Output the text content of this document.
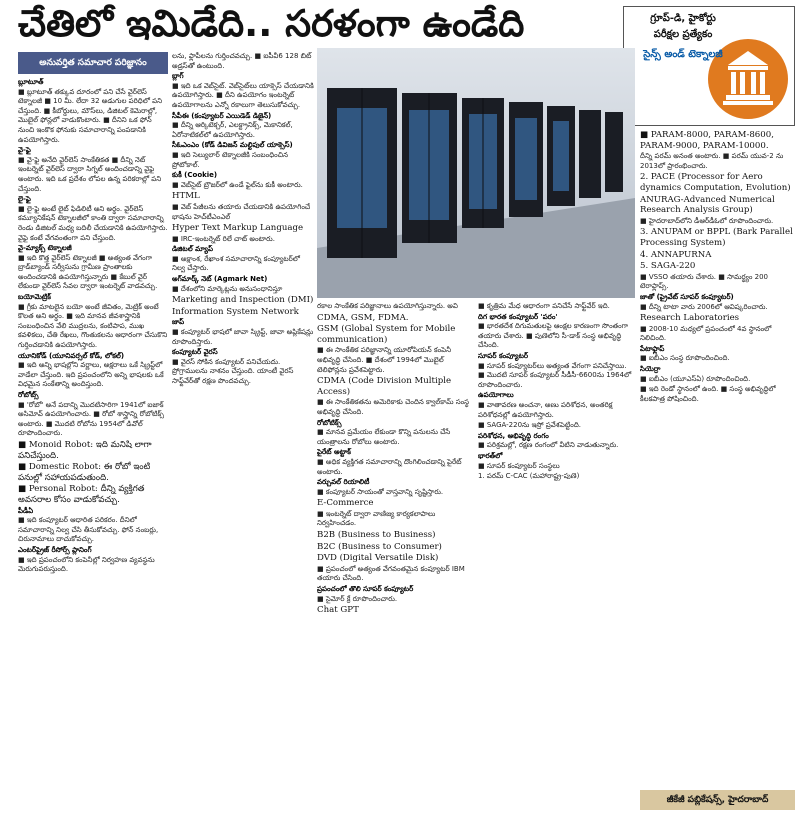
చేతిలో ఇమిడేది.. సరళంగా ఉండేది	గ్రూప్‌-డి, హైకోర్టు
పరీక్షల ప్రత్యేకం
సైన్స్‌ అండ్‌ టెక్నాలజీ
అనువర్తిత సమాచార పరిజ్ఞానం

బ్లూటూత్‌
■ బ్లూటూత్‌ తక్కువ దూరంలో పని చేసే వైర్‌లెస్‌ టెక్నాలజీ ■ 10 మీ. లేదా 32 అడుగుల పరిధిలో పని చేస్తుంది. ■ కీబోర్డులు, మౌస్‌లు, డిజిటల్‌ కెమెరాల్లో, మొబైల్‌ ఫోన్లలో వాడుకొంటారు. ■ దీనిని ఒక ఫోన్‌ నుంచి ఇంకొక ఫోనుకు సమాచారాన్ని పంపడానికి ఉపయోగిస్తారు.

వై-ఫై
■ వై-ఫై అనేది వైర్‌లెస్‌ సాంకేతికత ■ దీన్ని నెట్‌ ఇంటర్నెట్‌ వైర్‌లెస్‌ ద్వారా సిగ్నల్‌ అందించడాన్ని వైఫై అంటారు. ఇది ఒక ప్రదేశం లోపల ఉన్న పరికరాల్లో పని చేస్తుంది.

లై-ఫై
■ లై-ఫై అంటే లైట్‌ ఫిడిలిటీ అని అర్థం. వైర్‌లెస్‌ కమ్యూనికేషన్‌ టెక్నాలజీలో కాంతి ద్వారా సమాచారాన్ని రెండు డిజిటల్‌ మధ్య బదిలీ చేయడానికి ఉపయోగిస్తారు. వైఫై కంటే వేగవంతంగా పని చేస్తుంది.

వై-మ్యాక్స్‌ టెక్నాలజీ
■ ఇది కొత్త వైర్‌లెస్‌ టెక్నాలజీ ■ అత్యంత వేగంగా బ్రాడ్‌బ్యాండ్‌ సర్వీసును గ్రామీణ ప్రాంతాలకు అందించడానికి ఉపయోగిస్తున్నారు ■ కేబుల్‌ వైర్‌ లేకుండా వైర్‌లెస్‌ సేవల ద్వారా ఇంటర్నెట్‌ వాడవచ్చు.

బయోమెట్రిక్‌
■ గ్రీకు మాటలైన బయో అంటే జీవితం, మెట్రిక్‌ అంటే కొలత అని అర్థం. ■ ఇది మానవ జీవశాస్త్రానికి సంబంధించిన వేలి ముద్రలను, కంటిపాప, ముఖ కవళికలు, చేతి రేఖలు, గొంతుకలను ఆధారంగా చేసుకొని గుర్తించడానికి ఉపయోగిస్తారు.

యూనికోడ్‌ (యూనివర్సల్‌ కోడ్‌, లోకల్‌)
■ ఇది అన్ని భాషల్లోని వర్ణాలు, అక్షరాలు ఒకే స్క్రిప్ట్‌లో వాడేలా చేస్తుంది. ఇది ప్రపంచంలోని అన్ని భాషలకు ఒకే విధమైన సంకేతాన్ని అందిస్తుంది.

రోబోట్స్‌
■ 'రోబో' అనే పదాన్ని మొదటిసారిగా 1941లో ఐజాక్‌ అసిమోవ్‌ ఉపయోగించారు. ■ రోబో శాస్త్రాన్ని రోబోటిక్స్‌ అంటారు. ■ మొదటి రోబోను 1954లో డివోల్‌ రూపొందించారు.

■ Monoid Robot: ఇది మనిషి లాగా పనిచేస్తుంది.

■ Domestic Robot: ఈ రోబో ఇంటి పనుల్లో సహాయపడుతుంది.

■ Personal Robot: దీన్ని వ్యక్తిగత అవసరాల కోసం వాడుకోవచ్చు.

పీడీఏ
■ ఇది కంప్యూటర్‌ ఆధారిత పరికరం. దీనిలో సమాచారాన్ని నిల్వ చేసి తీసుకోవచ్చు. ఫోన్‌ నంబర్లు, చిరునామాలు దాచుకోవచ్చు.

ఎంటర్‌ప్రైజ్‌ రీసోర్స్‌ ప్లానింగ్‌
■ ఇది ప్రపంచంలోని కంపెనీల్లో నిర్వహణ వ్యవస్థను మెరుగుపరుస్తుంది.

లను, ఫ్లాపీలను గుర్తించవచ్చు. ■ ఐపీవీ6 128 బిట్‌ అడ్రస్‌తో ఉంటుంది.

బ్లాగ్‌
■ ఇది ఒక వెబ్‌సైట్‌. వెబ్‌సైట్‌లు యాక్సెస్‌ చేయడానికి ఉపయోగిస్తారు. ■ దీని ఉపయోగం ఇంటర్నెట్‌ ఉపయోగాలను ఎన్నో రకాలుగా తెలుసుకోవచ్చు.

సీపీఈ (కంప్యూటర్‌ ఎయిడెడ్‌ డిజైన్‌)
■ దీన్ని ఆర్కిటెక్చర్‌, ఎలక్ట్రానిక్స్‌, మెకానికల్‌, ఏరోనాటికల్‌లో ఉపయోగిస్తారు.

సీఓఎంఎం (కోడ్‌ డివిజన్‌ మల్టిపుల్‌ యాక్సెస్‌)
■ ఇది సెల్యులార్‌ టెక్నాలజీకి సంబంధించిన ప్రోటోకాల్‌.

కుకీ (Cookie)
■ వెబ్‌సైట్‌ బ్రౌజర్‌లో ఉండే ఫైల్‌ను కుకీ అంటారు.

HTML

■ వెబ్‌ పేజీలను తయారు చేయడానికి ఉపయోగించే భాషను హెచ్‌టీఎంఎల్‌

Hyper Text Markup Language

■ IRC-ఇంటర్నెట్‌ రిలే చాట్‌ అంటారు.

డిజిటల్‌ మ్యాప్‌
■ అక్షాంశ, రేఖాంశ సమాచారాన్ని కంప్యూటర్‌లో నిల్వ చేస్తారు.

అగ్‌మార్క్‌ నెట్‌ (Agmark Net)
■ దేశంలోని మార్కెట్లను అనుసంధానిస్తూ

Marketing and Inspection (DMI)

Information System Network

జాప్‌
■ కంప్యూటర్‌ భాషలో జావా స్క్రిప్ట్‌, జావా అప్లికేషన్లు రూపొందిస్తారు.

కంప్యూటర్‌ వైరస్‌
■ వైరస్‌ సోకిన కంప్యూటర్‌ పనిచేయదు. ప్రోగ్రాములను నాశనం చేస్తుంది. యాంటీ వైరస్‌ సాఫ్ట్‌వేర్‌తో రక్షణ పొందవచ్చు.

రకాల సాంకేతిక పరిజ్ఞానాలు ఉపయోగిస్తున్నారు. అవి

CDMA, GSM, FDMA.

GSM (Global System for Mobile communication)

■ ఈ సాంకేతిక పరిజ్ఞానాన్ని యూరోపియన్‌ కంపెనీ అభివృద్ధి చేసింది. ■ దేశంలో 1994లో మొబైల్‌ టెలిఫోన్లను ప్రవేశపెట్టారు.

CDMA (Code Division Multiple Access)

■ ఈ సాంకేతికతను అమెరికాకు చెందిన క్వాల్‌కామ్‌ సంస్థ అభివృద్ధి చేసింది.

రోబోటిక్స్‌
■ మానవ ప్రమేయం లేకుండా కొన్ని పనులను చేసే యంత్రాలను రోబోలు అంటారు.

పైరేట్‌ అట్టాక్‌
■ అధిక వ్యక్తిగత సమాచారాన్ని దొంగిలించడాన్ని పైరేట్‌ అంటారు.

వర్చువల్‌ రియాలిటీ
■ కంప్యూటర్‌ సాయంతో వాస్తవాన్ని సృష్టిస్తారు.

E-Commerce

■ ఇంటర్నెట్‌ ద్వారా వాణిజ్య కార్యకలాపాలు నిర్వహించడం.

B2B (Business to Business)

B2C (Business to Consumer)

DVD (Digital Versatile Disk)

■ ప్రపంచంలో అత్యంత వేగవంతమైన కంప్యూటర్‌ IBM తయారు చేసింది.

ప్రపంచంలో తొలి సూపర్‌ కంప్యూటర్‌
■ సైమోర్‌ క్రే రూపొందించారు.

Chat GPT

■ కృత్రిమ మేధ ఆధారంగా పనిచేసే సాఫ్ట్‌వేర్‌ ఇది.

దిగ భారత కంప్యూటర్‌ 'పరం'
■ భారతదేశ దిగుమతులపై ఆంక్షల కారణంగా సొంతంగా తయారు చేశారు. ■ పుణెలోని సీ-డాక్‌ సంస్థ అభివృద్ధి చేసింది.

సూపర్‌ కంప్యూటర్‌
■ సూపర్‌ కంప్యూటర్‌లు అత్యంత వేగంగా పనిచేస్తాయి. ■ మొదటి సూపర్‌ కంప్యూటర్‌ సీడీసీ-6600ను 1964లో రూపొందించారు.

ఉపయోగాలు
■ వాతావరణ అంచనా, అణు పరిశోధన, అంతరిక్ష పరిశోధనల్లో ఉపయోగిస్తారు.

■ SAGA-220ను ఇస్రో ప్రవేశపెట్టింది.

పరిశోధన, అభివృద్ధి రంగం
■ పరిశ్రమల్లో, రక్షణ రంగంలో వీటిని వాడుతున్నారు.

భారత్‌లో
■ సూపర్‌ కంప్యూటర్‌ సంస్థలు

1. పరమ్‌ C-CAC (మహారాష్ట్ర-పుణె)

■ PARAM-8000, PARAM-8600, PARAM-9000, PARAM-10000.

దీన్ని పరమ్‌ అనంత అంటారు. ■ పరమ్‌ యువ-2 ను 2013లో ప్రారంభించారు.

2. PACE (Processor for Aero dynamics Computation, Evolution)

ANURAG-Advanced Numerical Research Analysis Group)

■ హైదరాబాద్‌లోని డీఆర్‌డీఓలో రూపొందించారు.

3. ANUPAM or BPPL (Bark Parallel Processing System)

4. ANNAPURNA

5. SAGA-220

■ VSSO తయారు చేశారు. ■ సామర్థ్యం 200 టెరాఫ్లాప్స్‌.

జాతో (ప్రైవేట్‌ సూపర్‌ కంప్యూటర్‌)
■ దీన్ని టాటా వారు 2006లో ఆవిష్కరించారు.

Research Laboratories

■ 2008-10 మధ్యలో ప్రపంచంలో 4వ స్థానంలో నిలిచింది.

పేటాఫ్లాప్‌
■ ఐబీఎం సంస్థ రూపొందించింది.

సియెర్రా
■ ఐబీఎం (యూఎస్‌ఏ) రూపొందించింది.

■ ఇది రెండో స్థానంలో ఉంది. ■ సంస్థ అభివృద్ధిలో కీలకపాత్ర పోషించింది.

జీకేజీ పబ్లికేషన్స్‌, హైదరాబాద్‌
